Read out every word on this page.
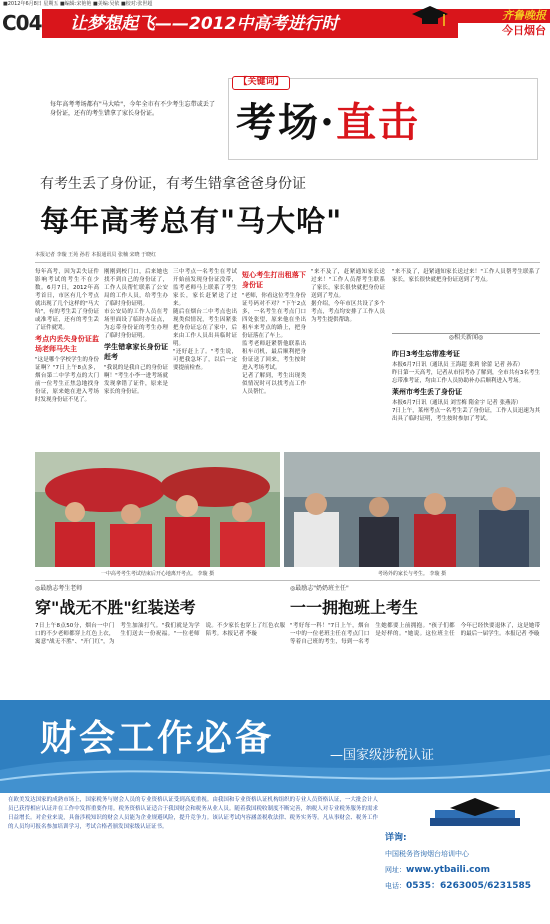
■2012年6月8日 星期五 ■编辑:宋艳艳 ■美编:吴依 ■校对:张世超
C04 让梦想起飞——2012中高考进行时	齐鲁晚报
今日烟台
每年高考考场都有"马大哈"，今年全市有不少考生忘带或丢了身份证，还有的考生错拿了家长身份证。
【关键词】
考场·直击
有考生丢了身份证，有考生错拿爸爸身份证
每年高考总有"马大哈"
本报记者 李璇 王苑 孙若 本报通讯员 张楠 宋晓 于晓红

每年高考，因为丢失证件影响考试的考生不在少数。6月7日，2012年高考首日，市区有几个考点就出现了几个这样的"马大哈"，有的考生丢了身份证或准考证，还有的考生丢了证件就哭。

考点内丢失身份证监场老师马失主

"这是哪个学校学生的身份证啊？"7日上午8点多，烟台第二中学考点的大门前一位考生正焦急地找身份证，原来她在进入考场时发现身份证不见了。

刚刚到校门口，后来她也找不到自己的身份证了，工作人员帮忙联系了公安局的工作人员，给考生办了临时身份证明。

市公安局的工作人员在考场里面设了临时办证点，为忘带身份证的考生办理了临时身份证明。

学生错拿家长身份证赶考

"我说的是我自己的身份证啊！"考生小李一进考场就发现拿错了证件，原来是家长的身份证。

三中考点一名考生在考试开始前发现身份证没带，监考老师马上联系了考生家长，家长赶紧送了过来。

随后在烟台二中考点也出现类似情况，考生因紧张把身份证忘在了家中，后来由工作人员出具临时证明。

"还好赶上了。"考生说，可把我急坏了，以后一定要提前检查。

短心考生打出租落下身份证

"老师，你看这位考生身份证号码对不对？"下午2点多，一名考生在考点门口四处张望，原来他在坐出租车来考点的路上，把身份证落在了车上。

监考老师赶紧帮他联系出租车司机，最后顺利把身份证送了回来，考生按时进入考场考试。

记者了解到，考生出现类似情况时可以找考点工作人员帮忙。

"来不及了，赶紧通知家长送过来！"工作人员帮考生联系了家长，家长很快就把身份证送到了考点。

据介绍，今年市区共设了多个考点，考点均安排了工作人员为考生提供帮助。

"来不及了，赶紧通知家长送过来！"工作人员帮考生联系了家长，家长很快就把身份证送到了考点。

◎相关新闻◎

昨日3考生忘带准考证

本报6月7日讯（通讯员 王海超 张莉 徐蕾 记者 孙若）

昨日第一天高考，记者从市招考办了解到，全市共有3名考生忘带准考证，均由工作人员协助补办后顺利进入考场。

莱州市考生丢了身份证

本报6月7日讯（通讯员 刘雪梅 隋金宇 记者 张燕涛）

7日上午，莱州考点一名考生丢了身份证，工作人员迅速为其出具了临时证明，考生按时参加了考试。

一中高考考生考试结束后开心地离开考点。 李璇 摄	考场外的家长与考生。 李璇 摄
◎最励志考生老师
穿"战无不胜"红装送考
7日上午8点50分，烟台一中门口的不少老师都穿上红色上衣，寓意"战无不胜"、"开门红"，为考生加油打气。"我们就是为学生们送去一份祝福。"一位老师说。不少家长也穿上了红色衣服陪考。本报记者 李璇
◎最励志"奶奶班主任"
一一拥抱班上考生
"考好每一科！"7日上午，烟台一中的一位老班主任在考点门口等着自己班的考生，每到一名考生她都要上前拥抱。"孩子们都是好样的。"她说。这位班主任今年已经快要退休了，这是她带的最后一届学生。本报记者 李璇
财会工作必备	—国家级涉税认证
在欧美发达国家的成熟市场上，国家税务与财会人员的专业资格认证受到高度重视。由我国和专业资格认证机构组织的专业人员资格认证，一大批会计人员已获得相应认证并在工作中发挥重要作用。税务资格认证适合于我国财会和税务从业人员。随着我国税收制度不断完善，纳税人对专业税务服务的需求日益增长。对企业来说，具备涉税知识的财会人员能为企业规避风险，提升竞争力。该认证考试内容涵盖税收法律、税务实务等。凡从事财会、税务工作的人员均可报名参加培训学习，考试合格者颁发国家级认证证书。
详询:
中国税务咨询烟台培训中心
网址：www.ytbaili.com
电话：0535：6263005/6231585
